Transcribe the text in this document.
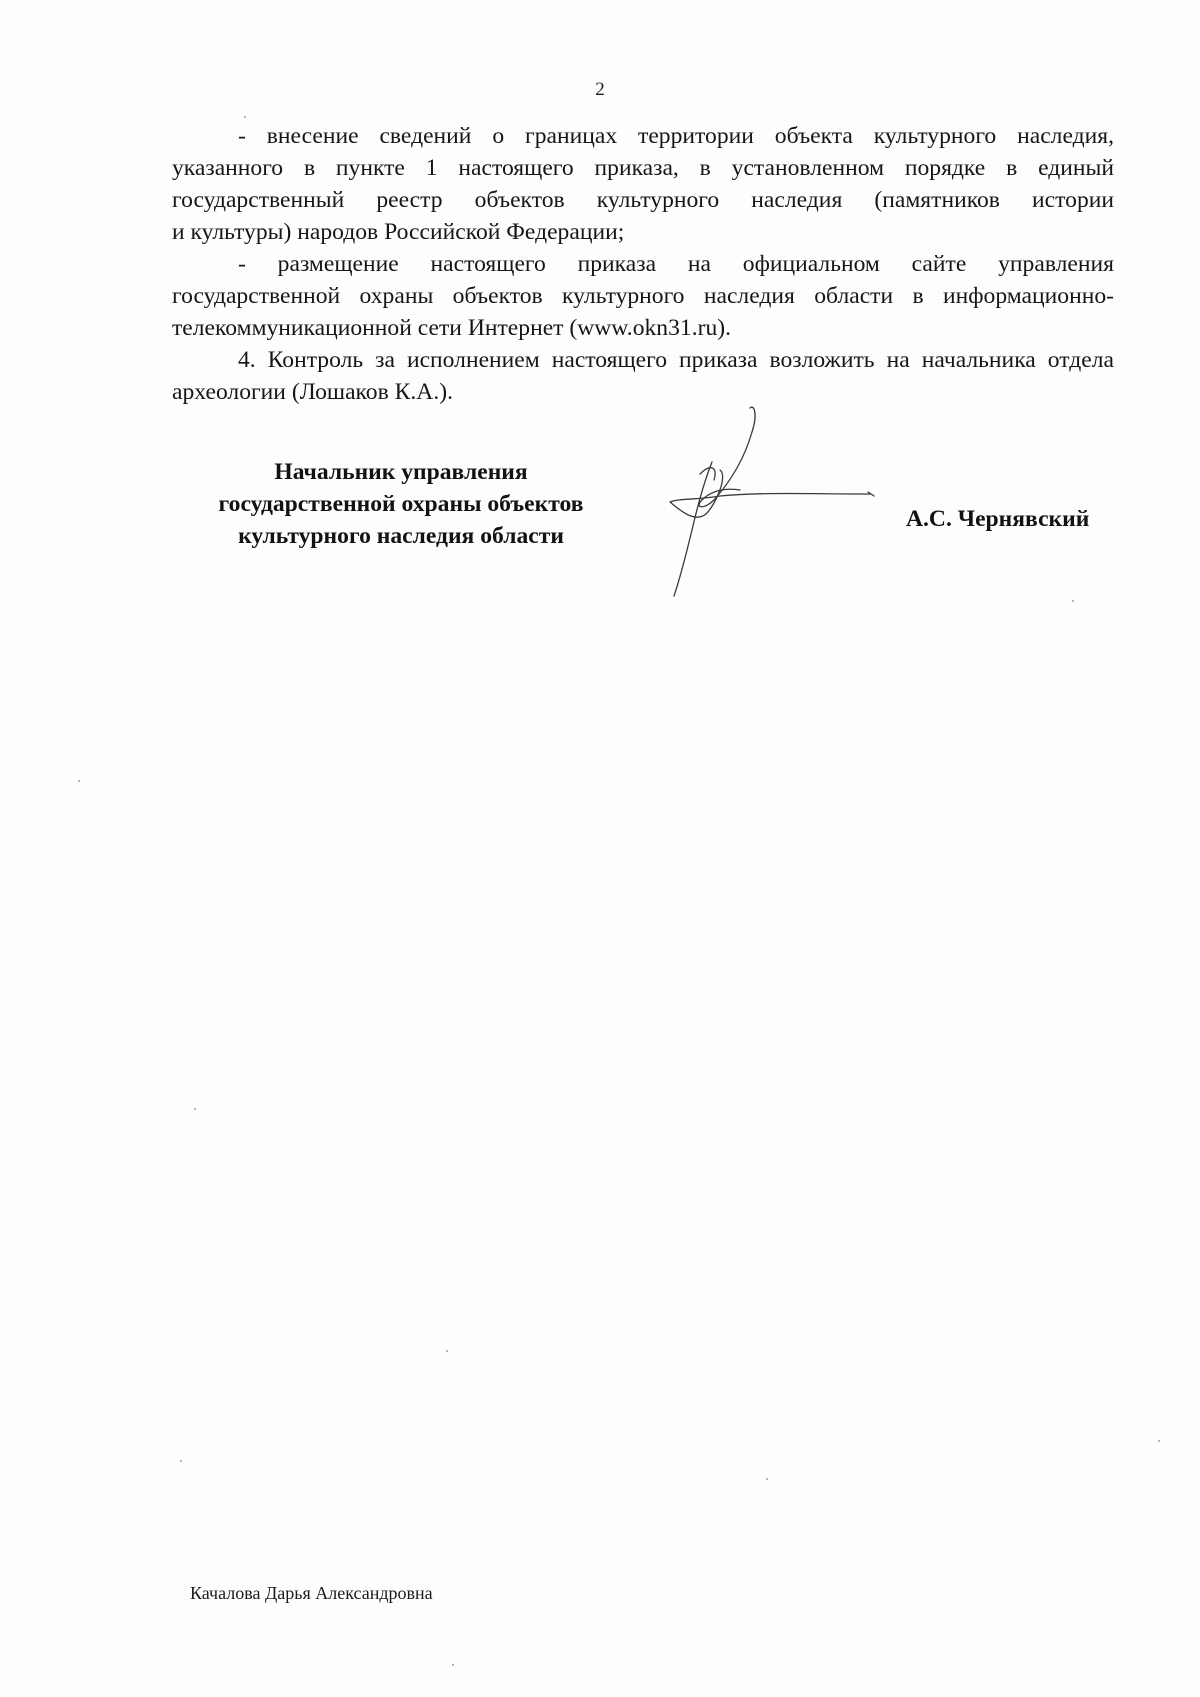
2
- внесение сведений о границах территории объекта культурного наследия,
указанного в пункте 1 настоящего приказа, в установленном порядке в единый
государственный реестр объектов культурного наследия (памятников истории
и культуры) народов Российской Федерации;
- размещение настоящего приказа на официальном сайте управления
государственной охраны объектов культурного наследия области в информационно-
телекоммуникационной сети Интернет (www.okn31.ru).
4. Контроль за исполнением настоящего приказа возложить на начальника отдела
археологии (Лошаков К.А.).
Начальник управления
государственной охраны объектов
культурного наследия области
А.С. Чернявский
Качалова Дарья Александровна
